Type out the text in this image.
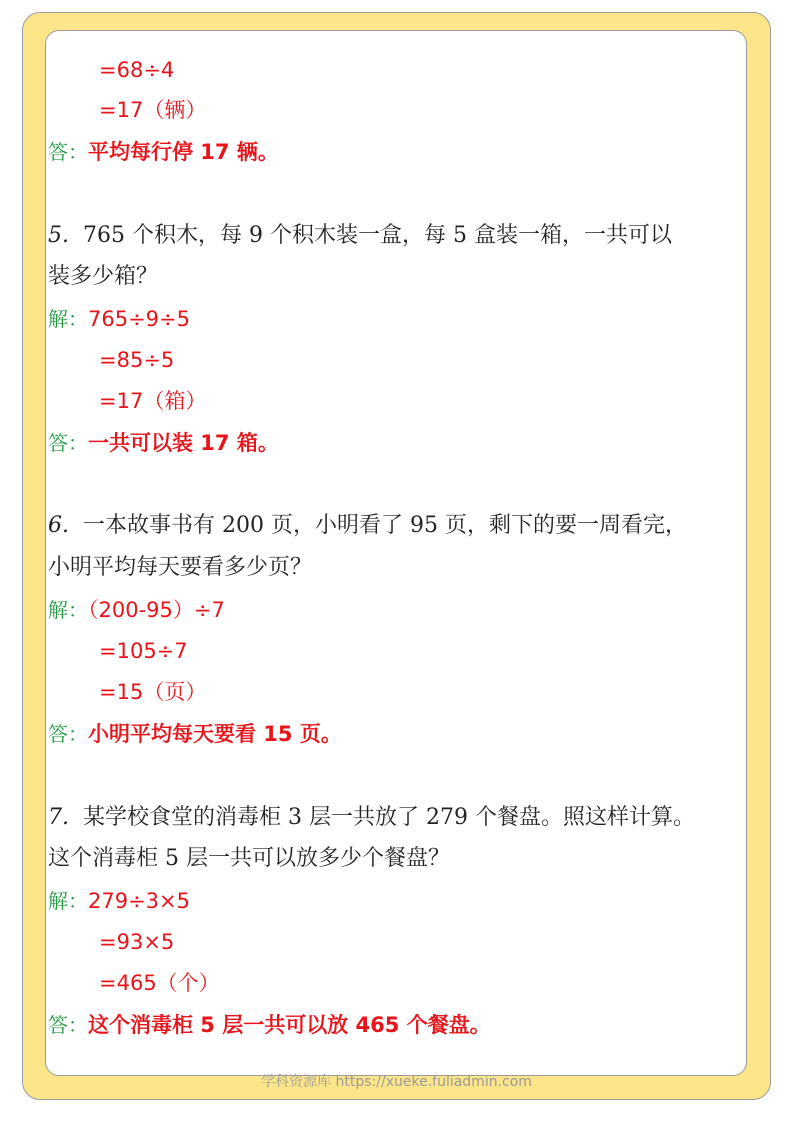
=68÷4
=17（辆）
答：平均每行停 17 辆。
5. 765 个积木，每 9 个积木装一盒，每 5 盒装一箱，一共可以
装多少箱？
解：765÷9÷5
=85÷5
=17（箱）
答：一共可以装 17 箱。
6. 一本故事书有 200 页，小明看了 95 页，剩下的要一周看完，
小明平均每天要看多少页？
解：（200-95）÷7
=105÷7
=15（页）
答：小明平均每天要看 15 页。
7. 某学校食堂的消毒柜 3 层一共放了 279 个餐盘。照这样计算。
这个消毒柜 5 层一共可以放多少个餐盘？
解：279÷3×5
=93×5
=465（个）
答：这个消毒柜 5 层一共可以放 465 个餐盘。
学科资源库 https://xueke.fuliadmin.com
